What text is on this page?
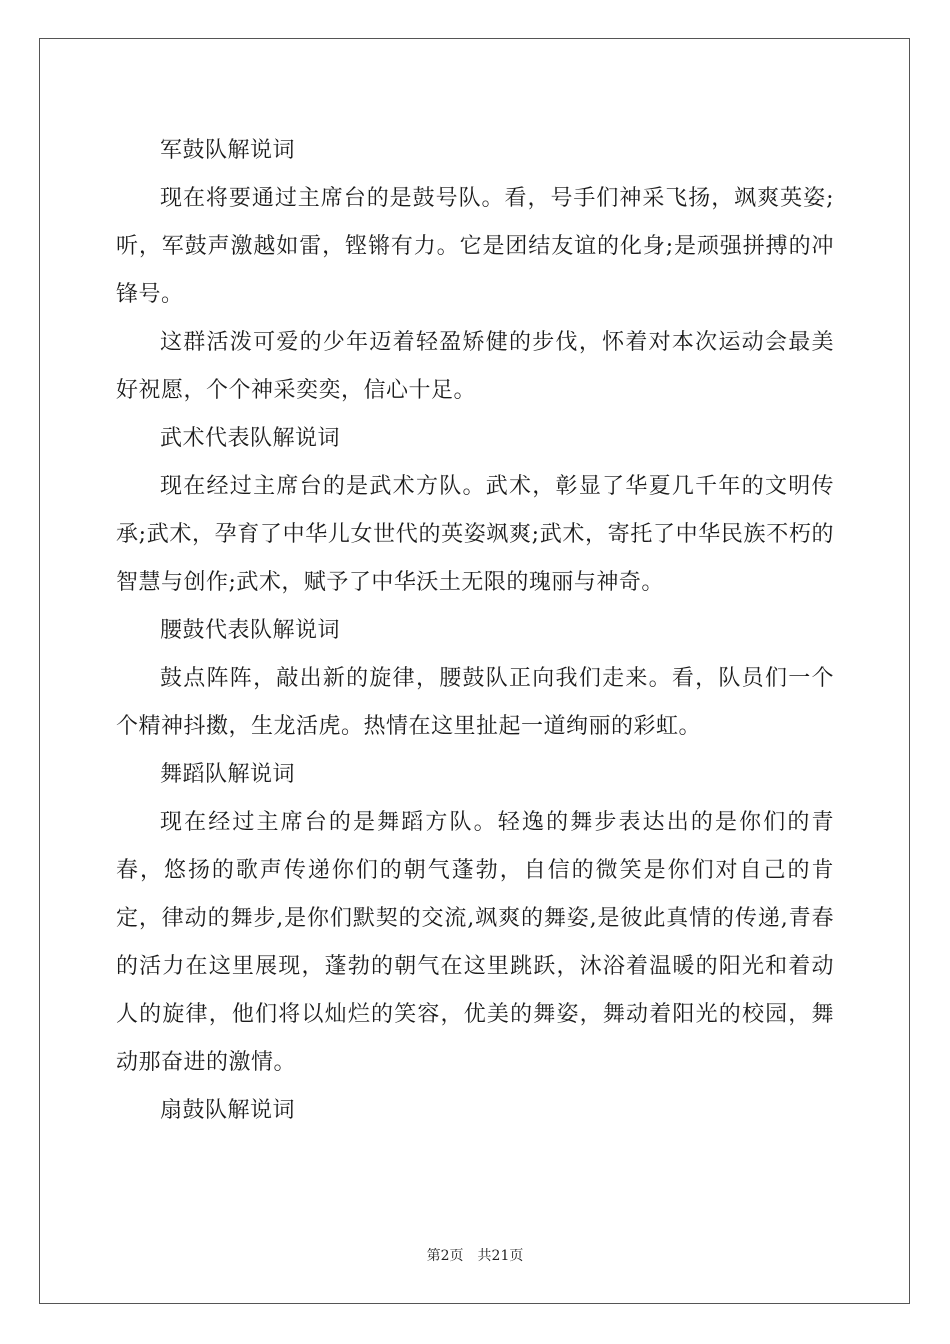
军鼓队解说词

现在将要通过主席台的是鼓号队。看，号手们神采飞扬，飒爽英姿;听，军鼓声激越如雷，铿锵有力。它是团结友谊的化身;是顽强拼搏的冲锋号。

这群活泼可爱的少年迈着轻盈矫健的步伐，怀着对本次运动会最美好祝愿，个个神采奕奕，信心十足。

武术代表队解说词

现在经过主席台的是武术方队。武术，彰显了华夏几千年的文明传承;武术，孕育了中华儿女世代的英姿飒爽;武术，寄托了中华民族不朽的智慧与创作;武术，赋予了中华沃土无限的瑰丽与神奇。

腰鼓代表队解说词

鼓点阵阵，敲出新的旋律，腰鼓队正向我们走来。看，队员们一个个精神抖擞，生龙活虎。热情在这里扯起一道绚丽的彩虹。

舞蹈队解说词

现在经过主席台的是舞蹈方队。轻逸的舞步表达出的是你们的青春，悠扬的歌声传递你们的朝气蓬勃，自信的微笑是你们对自己的肯定，律动的舞步,是你们默契的交流,飒爽的舞姿,是彼此真情的传递,青春的活力在这里展现，蓬勃的朝气在这里跳跃，沐浴着温暖的阳光和着动人的旋律，他们将以灿烂的笑容，优美的舞姿，舞动着阳光的校园，舞动那奋进的激情。

扇鼓队解说词
第2页 共21页
